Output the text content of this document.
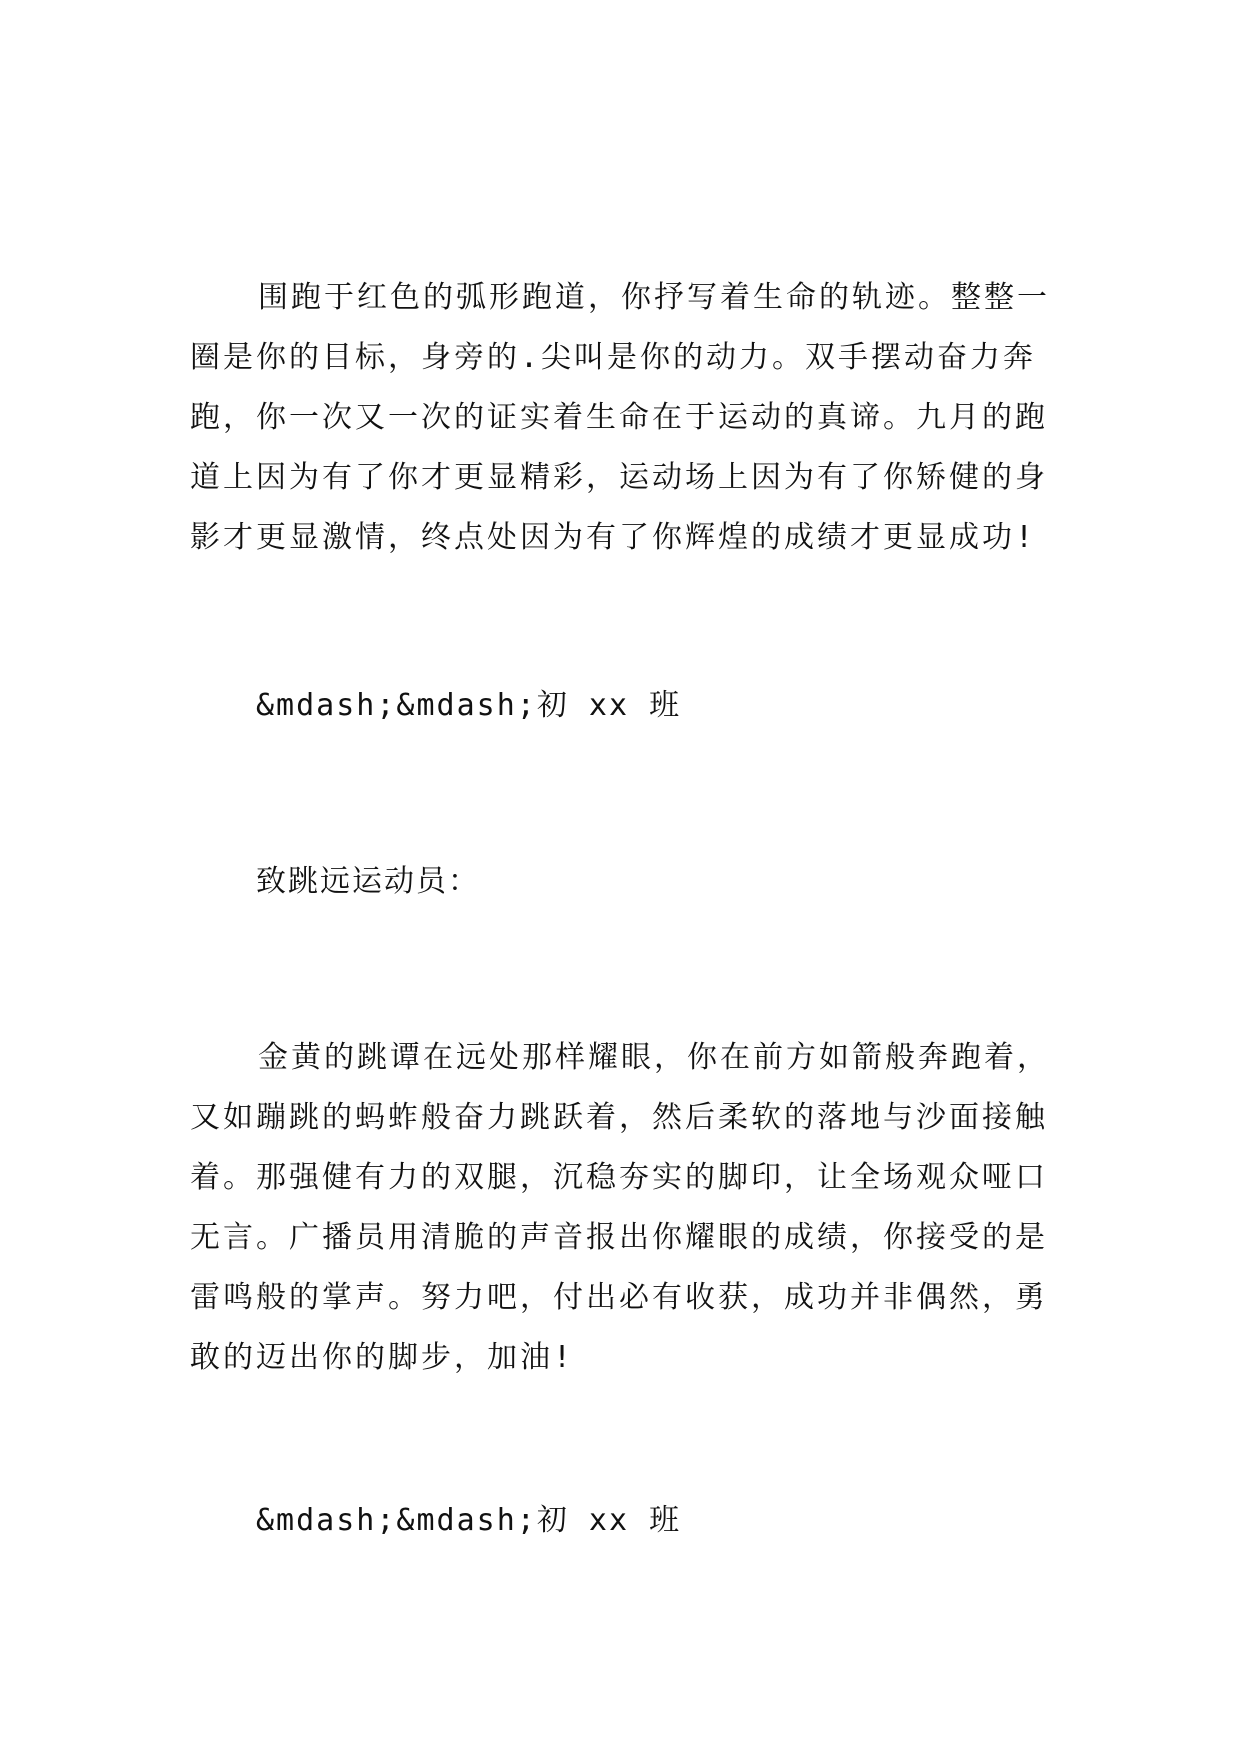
围跑于红色的弧形跑道，你抒写着生命的轨迹。整整一
圈是你的目标，身旁的.尖叫是你的动力。双手摆动奋力奔
跑，你一次又一次的证实着生命在于运动的真谛。九月的跑
道上因为有了你才更显精彩，运动场上因为有了你矫健的身
影才更显激情，终点处因为有了你辉煌的成绩才更显成功!

&mdash;&mdash;初 xx 班

致跳远运动员：

金黄的跳谭在远处那样耀眼，你在前方如箭般奔跑着，
又如蹦跳的蚂蚱般奋力跳跃着，然后柔软的落地与沙面接触
着。那强健有力的双腿，沉稳夯实的脚印，让全场观众哑口
无言。广播员用清脆的声音报出你耀眼的成绩，你接受的是
雷鸣般的掌声。努力吧，付出必有收获，成功并非偶然，勇
敢的迈出你的脚步，加油!

&mdash;&mdash;初 xx 班
